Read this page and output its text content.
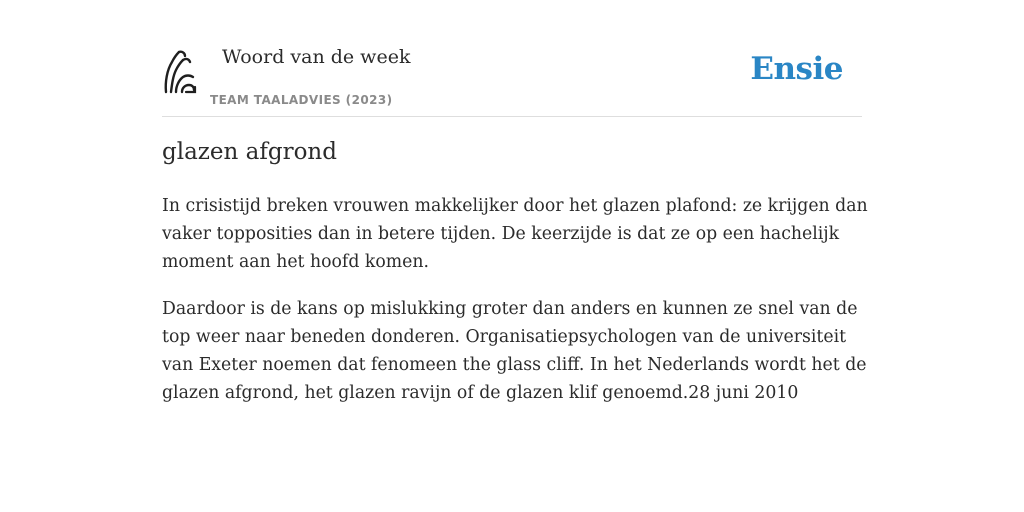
Woord van de week
TEAM TAALADVIES (2023)
Ensie
glazen afgrond

In crisistijd breken vrouwen makkelijker door het glazen plafond: ze krijgen dan vaker topposities dan in betere tijden. De keerzijde is dat ze op een hachelijk moment aan het hoofd komen.

Daardoor is de kans op mislukking groter dan anders en kunnen ze snel van de top weer naar beneden donderen. Organisatiepsychologen van de universiteit van Exeter noemen dat fenomeen the glass cliff. In het Nederlands wordt het de glazen afgrond, het glazen ravijn of de glazen klif genoemd.28 juni 2010
